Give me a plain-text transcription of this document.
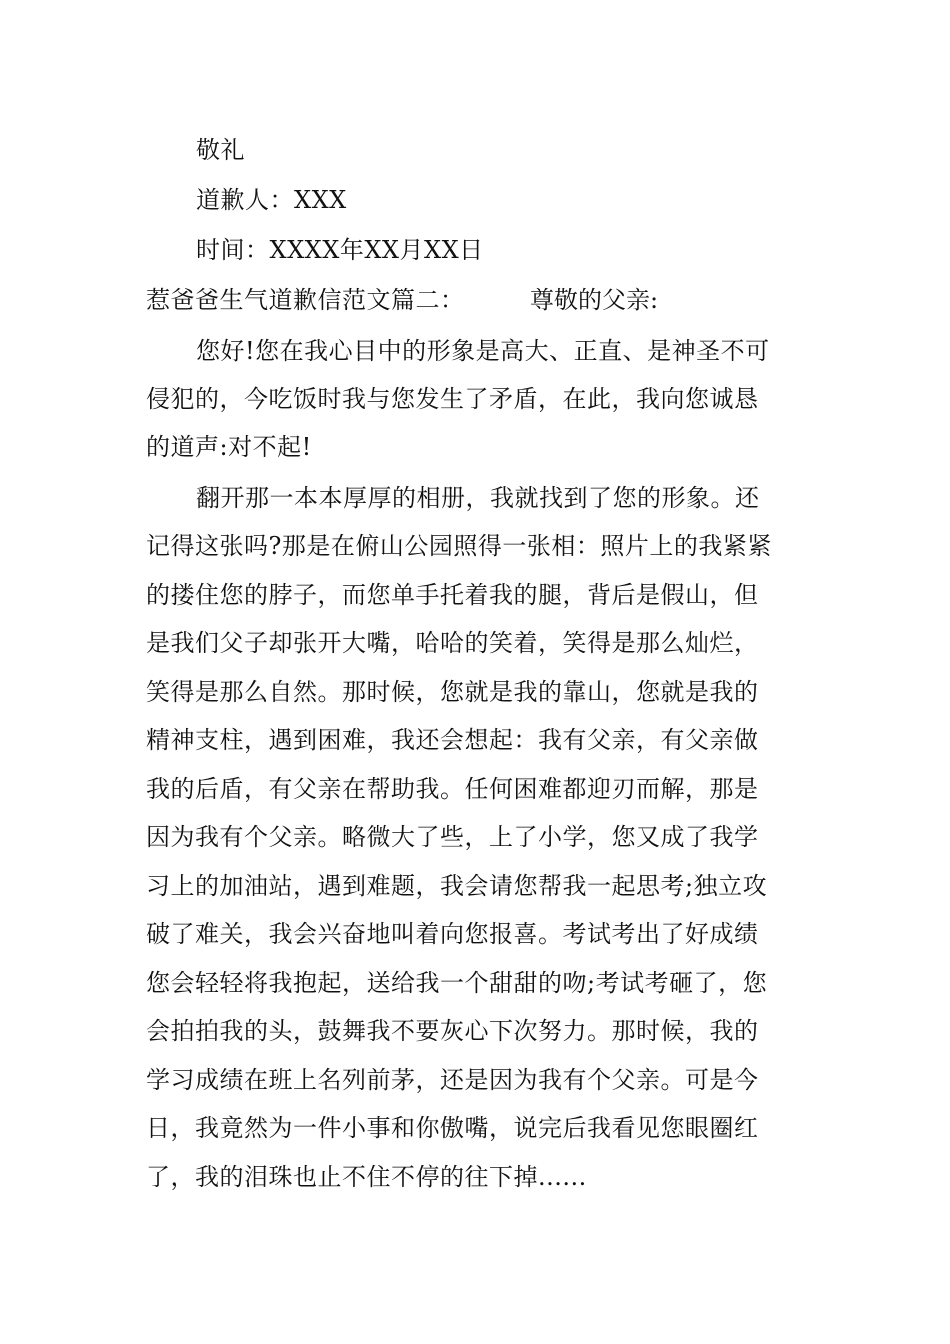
敬礼
道歉人：XXX
时间：XXXX年XX月XX日
惹爸爸生气道歉信范文篇二：	尊敬的父亲:
您好!您在我心目中的形象是高大、正直、是神圣不可
侵犯的，今吃饭时我与您发生了矛盾，在此，我向您诚恳
的道声:对不起!
翻开那一本本厚厚的相册，我就找到了您的形象。还
记得这张吗?那是在俯山公园照得一张相：照片上的我紧紧
的搂住您的脖子，而您单手托着我的腿，背后是假山，但
是我们父子却张开大嘴，哈哈的笑着，笑得是那么灿烂，
笑得是那么自然。那时候，您就是我的靠山，您就是我的
精神支柱，遇到困难，我还会想起：我有父亲，有父亲做
我的后盾，有父亲在帮助我。任何困难都迎刃而解，那是
因为我有个父亲。略微大了些，上了小学，您又成了我学
习上的加油站，遇到难题，我会请您帮我一起思考;独立攻
破了难关，我会兴奋地叫着向您报喜。考试考出了好成绩
您会轻轻将我抱起，送给我一个甜甜的吻;考试考砸了，您
会拍拍我的头，鼓舞我不要灰心下次努力。那时候，我的
学习成绩在班上名列前茅，还是因为我有个父亲。可是今
日，我竟然为一件小事和你傲嘴，说完后我看见您眼圈红
了，我的泪珠也止不住不停的往下掉......
